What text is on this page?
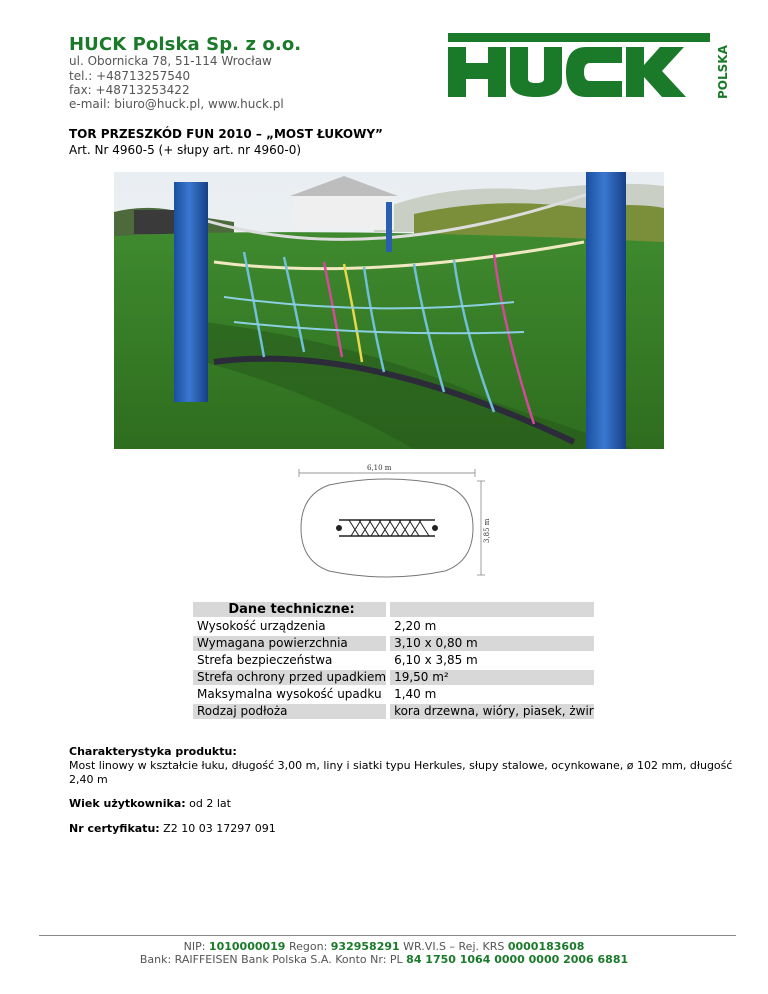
HUCK Polska Sp. z o.o.
ul. Obornicka 78, 51-114 Wrocław
tel.: +48713257540
fax: +48713253422
e-mail: biuro@huck.pl, www.huck.pl
POLSKA
TOR PRZESZKÓD FUN 2010 – „MOST ŁUKOWY”
Art. Nr 4960-5 (+ słupy art. nr 4960-0)
6,10 m
3,85 m
Dane techniczne:		
Wysokość urządzenia		2,20 m
Wymagana powierzchnia		3,10 x 0,80 m
Strefa bezpieczeństwa		6,10 x 3,85 m
Strefa ochrony przed upadkiem		19,50 m²
Maksymalna wysokość upadku		1,40 m
Rodzaj podłoża		kora drzewna, wióry, piasek, żwir
Charakterystyka produktu:
Most linowy w kształcie łuku, długość 3,00 m, liny i siatki typu Herkules, słupy stalowe, ocynkowane, ø 102 mm, długość
2,40 m
Wiek użytkownika: od 2 lat
Nr certyfikatu: Z2 10 03 17297 091
NIP: 1010000019 Regon: 932958291 WR.VI.S – Rej. KRS 0000183608
Bank: RAIFFEISEN Bank Polska S.A. Konto Nr: PL 84 1750 1064 0000 0000 2006 6881
